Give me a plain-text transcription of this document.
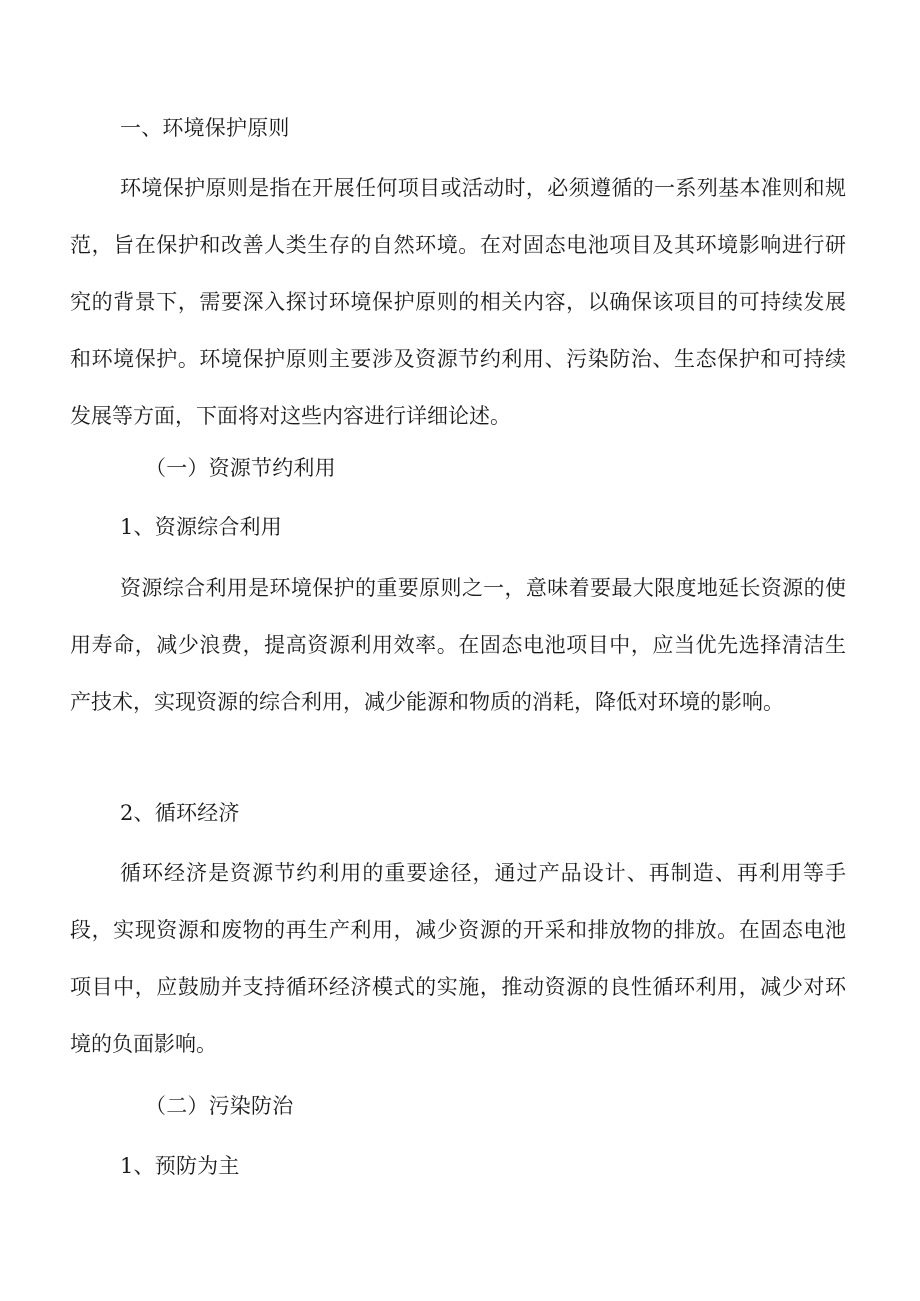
一、环境保护原则

环境保护原则是指在开展任何项目或活动时，必须遵循的一系列基本准则和规范，旨在保护和改善人类生存的自然环境。在对固态电池项目及其环境影响进行研究的背景下，需要深入探讨环境保护原则的相关内容，以确保该项目的可持续发展和环境保护。环境保护原则主要涉及资源节约利用、污染防治、生态保护和可持续发展等方面，下面将对这些内容进行详细论述。

（一）资源节约利用

1、资源综合利用

资源综合利用是环境保护的重要原则之一，意味着要最大限度地延长资源的使用寿命，减少浪费，提高资源利用效率。在固态电池项目中，应当优先选择清洁生产技术，实现资源的综合利用，减少能源和物质的消耗，降低对环境的影响。

2、循环经济

循环经济是资源节约利用的重要途径，通过产品设计、再制造、再利用等手段，实现资源和废物的再生产利用，减少资源的开采和排放物的排放。在固态电池项目中，应鼓励并支持循环经济模式的实施，推动资源的良性循环利用，减少对环境的负面影响。

（二）污染防治

1、预防为主
